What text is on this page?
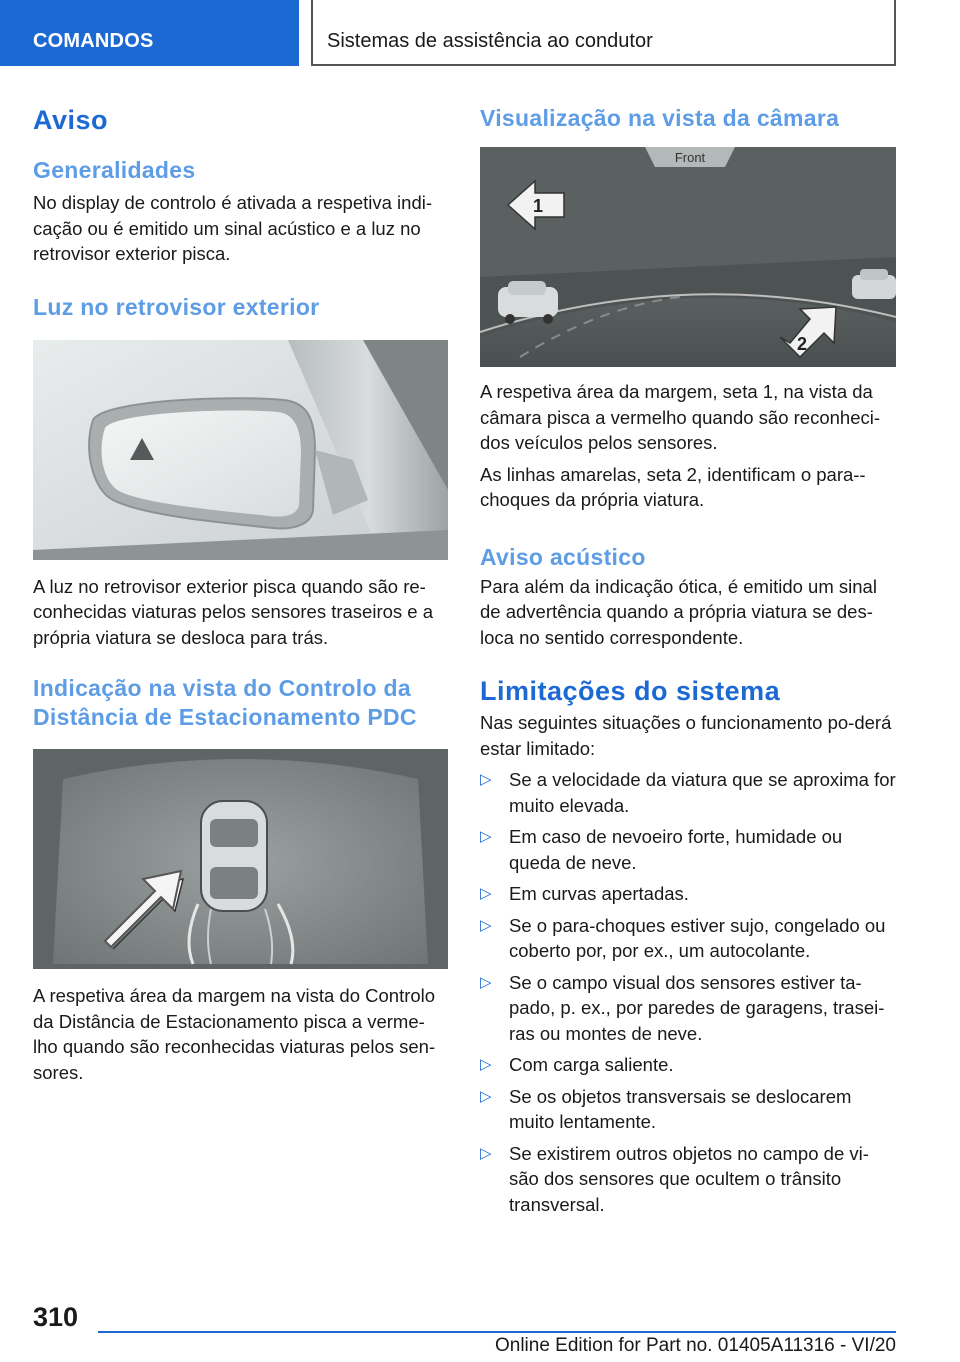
COMANDOS	Sistemas de assistência ao condutor
Aviso
Generalidades

No display de controlo é ativada a respetiva indi-cação ou é emitido um sinal acústico e a luz no retrovisor exterior pisca.

Luz no retrovisor exterior

A luz no retrovisor exterior pisca quando são re-conhecidas viaturas pelos sensores traseiros e a própria viatura se desloca para trás.

Indicação na vista do Controlo da Distância de Estacionamento PDC

A respetiva área da margem na vista do Controlo da Distância de Estacionamento pisca a verme-lho quando são reconhecidas viaturas pelos sen-sores.

Visualização na vista da câmara
Front
1
2

A respetiva área da margem, seta 1, na vista da câmara pisca a vermelho quando são reconheci-dos veículos pelos sensores.

As linhas amarelas, seta 2, identificam o para--choques da própria viatura.

Aviso acústico

Para além da indicação ótica, é emitido um sinal de advertência quando a própria viatura se des-loca no sentido correspondente.

Limitações do sistema

Nas seguintes situações o funcionamento po-derá estar limitado:

▷ Se a velocidade da viatura que se aproxima for muito elevada.
▷ Em caso de nevoeiro forte, humidade ou queda de neve.
▷ Em curvas apertadas.
▷ Se o para-choques estiver sujo, congelado ou coberto por, por ex., um autocolante.
▷ Se o campo visual dos sensores estiver ta-pado, p. ex., por paredes de garagens, trasei-ras ou montes de neve.
▷ Com carga saliente.
▷ Se os objetos transversais se deslocarem muito lentamente.
▷ Se existirem outros objetos no campo de vi-são dos sensores que ocultem o trânsito transversal.
310
Online Edition for Part no. 01405A11316 - VI/20
